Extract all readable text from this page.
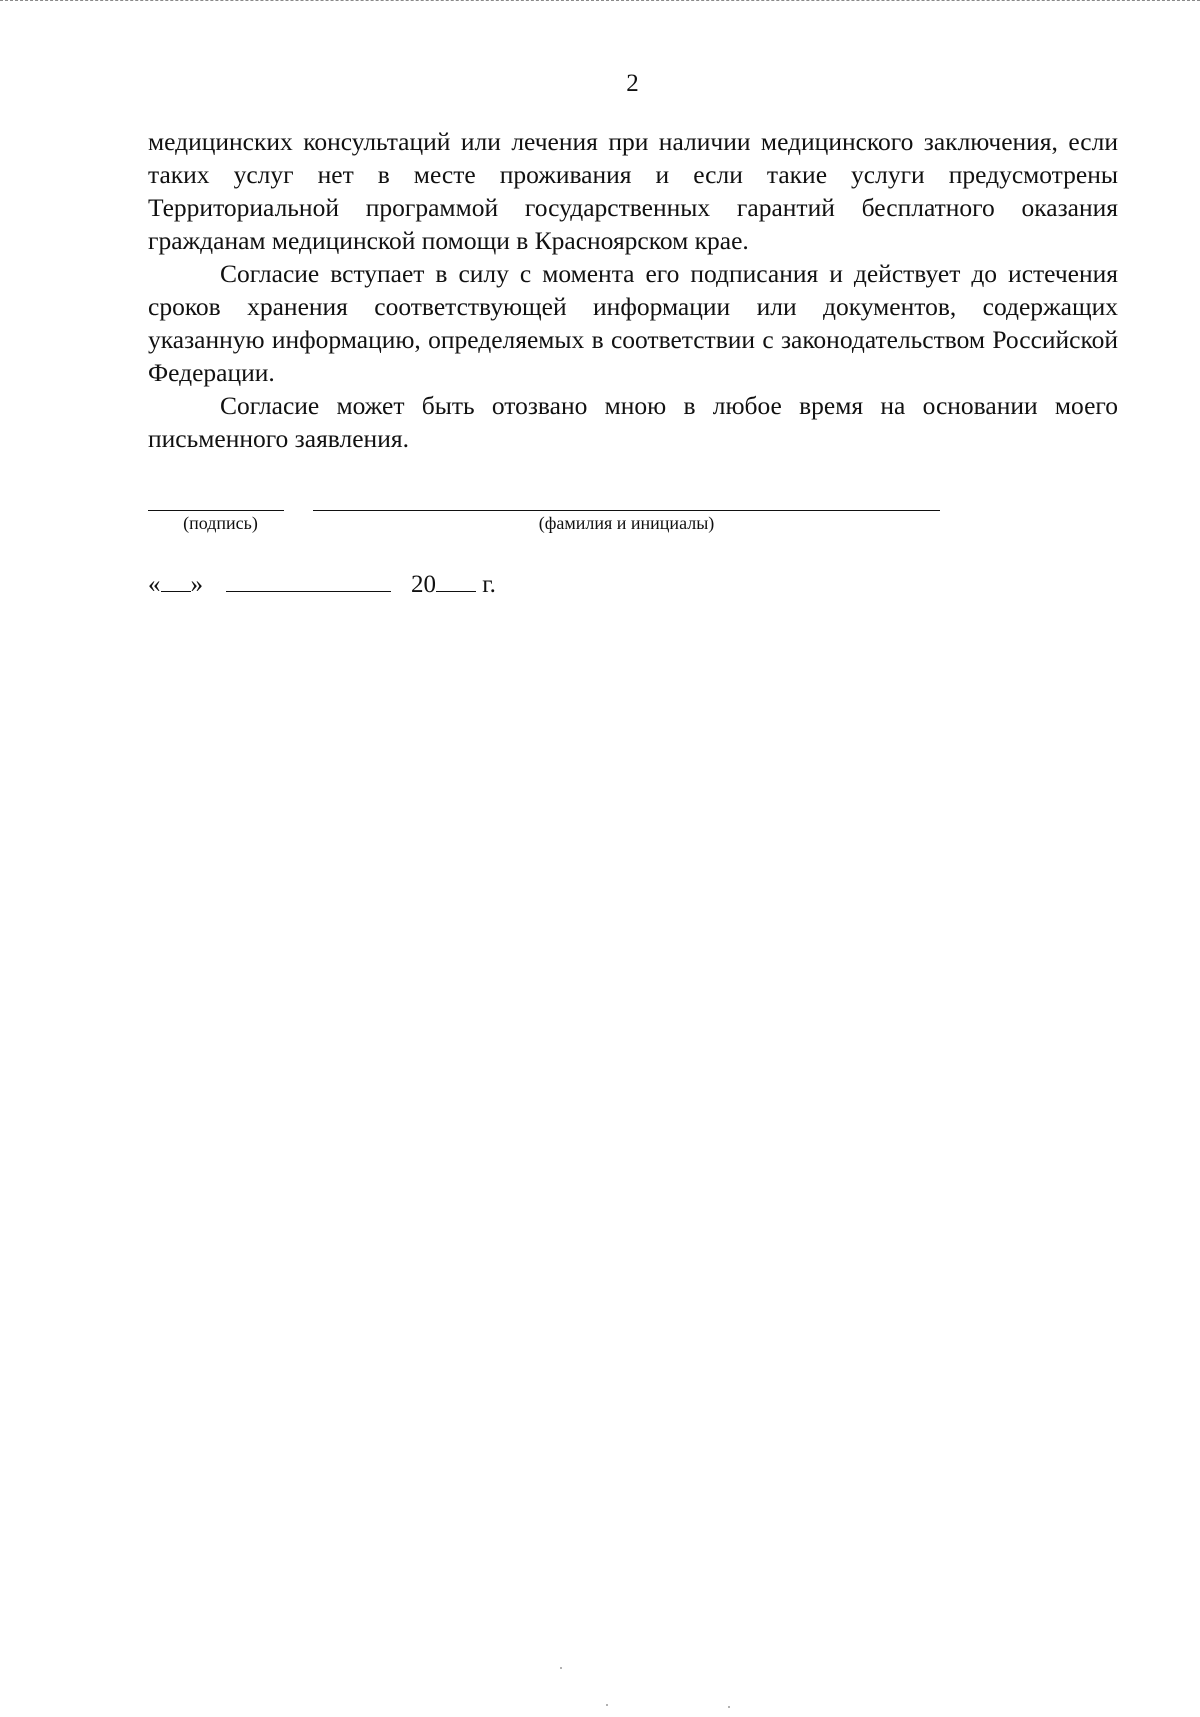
2

медицинских консультаций или лечения при наличии медицинского заключения, если таких услуг нет в месте проживания и если такие услуги предусмотрены Территориальной программой государственных гарантий бесплатного оказания гражданам медицинской помощи в Красноярском крае.

Согласие вступает в силу с момента его подписания и действует до истечения сроков хранения соответствующей информации или документов, содержащих указанную информацию, определяемых в соответствии с законодательством Российской Федерации.

Согласие может быть отозвано мною в любое время на основании моего письменного заявления.

(подпись)	(фамилия и инициалы)
« »	20 г.
